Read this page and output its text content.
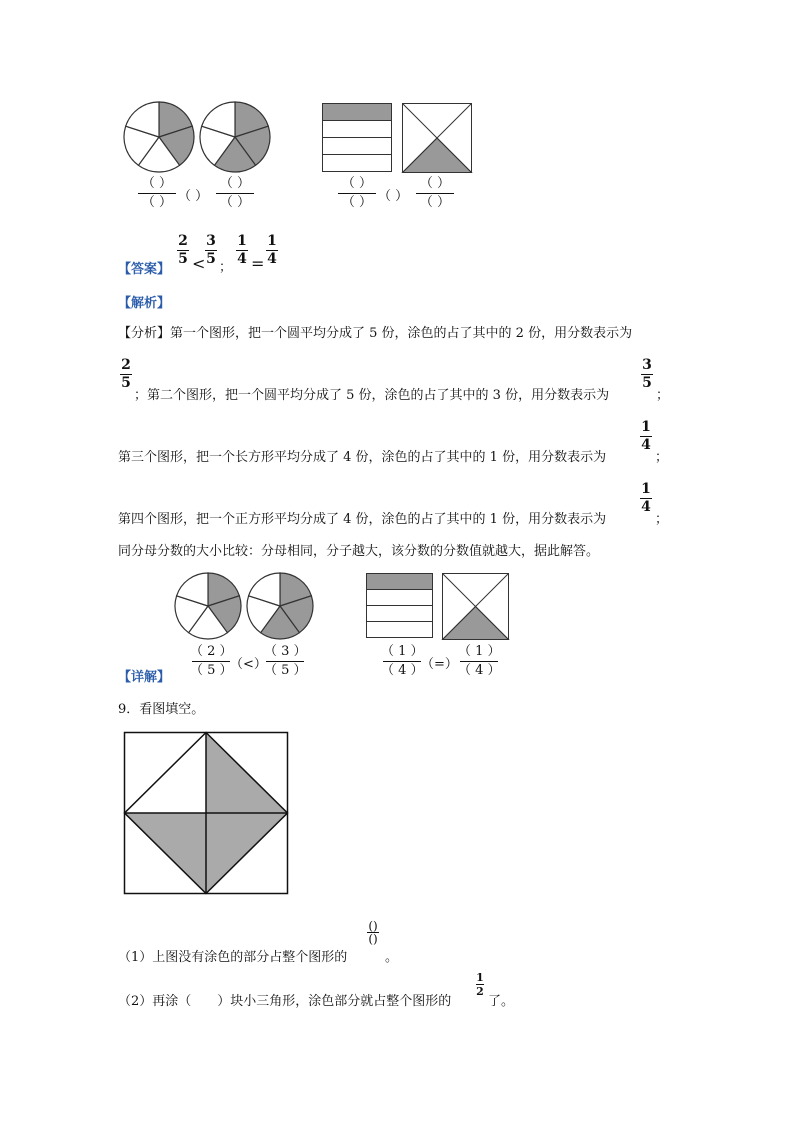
（ ）
（ ） （ ）
（ ）
（ ）
（ ）
（ ） （ ）
（ ）
（ ）
【答案】
2
5 <
3
5
；
1
4 =
1
4
【解析】
【分析】第一个图形，把一个圆平均分成了 5 份，涂色的占了其中的 2 份，用分数表示为
2
5
；第二个图形，把一个圆平均分成了 5 份，涂色的占了其中的 3 份，用分数表示为
3
5
；
第三个图形，把一个长方形平均分成了 4 份，涂色的占了其中的 1 份，用分数表示为
1
4
；
第四个图形，把一个正方形平均分成了 4 份，涂色的占了其中的 1 份，用分数表示为
1
4
；
同分母分数的大小比较：分母相同，分子越大，该分数的分数值就越大，据此解答。
【详解】
（ 2 ）
（ 5 ）
（<）
（ 3 ）
（ 5 ）
（ 1 ）
（ 4 ）
（=）
（ 1 ）
（ 4 ）
9．看图填空。
（1）上图没有涂色的部分占整个图形的
()
()
。
（2）再涂（　　）块小三角形，涂色部分就占整个图形的
1
2
了。
